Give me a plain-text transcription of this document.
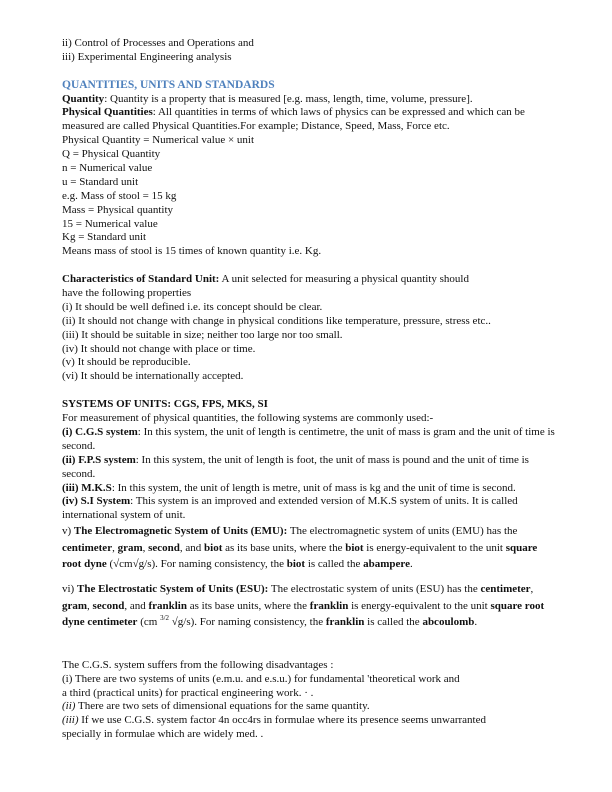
ii) Control of Processes and Operations and
iii) Experimental Engineering analysis
QUANTITIES, UNITS AND STANDARDS
Quantity: Quantity is a property that is measured [e.g. mass, length, time, volume, pressure].
Physical Quantities: All quantities in terms of which laws of physics can be expressed and which can be
measured are called Physical Quantities.For example; Distance, Speed, Mass, Force etc.
Physical Quantity = Numerical value × unit
Q = Physical Quantity
n = Numerical value
u = Standard unit
e.g. Mass of stool = 15 kg
Mass = Physical quantity
15 = Numerical value
Kg = Standard unit
Means mass of stool is 15 times of known quantity i.e. Kg.
Characteristics of Standard Unit: A unit selected for measuring a physical quantity should
have the following properties
(i) It should be well defined i.e. its concept should be clear.
(ii) It should not change with change in physical conditions like temperature, pressure, stress etc..
(iii) It should be suitable in size; neither too large nor too small.
(iv) It should not change with place or time.
(v) It should be reproducible.
(vi) It should be internationally accepted.
SYSTEMS OF UNITS: CGS, FPS, MKS, SI
For measurement of physical quantities, the following systems are commonly used:-
(i) C.G.S system: In this system, the unit of length is centimetre, the unit of mass is gram and the unit of time is
second.
(ii) F.P.S system: In this system, the unit of length is foot, the unit of mass is pound and the unit of time is
second.
(iii) M.K.S: In this system, the unit of length is metre, unit of mass is kg and the unit of time is second.
(iv) S.I System: This system is an improved and extended version of M.K.S system of units. It is called
international system of unit.
v) The Electromagnetic System of Units (EMU): The electromagnetic system of units (EMU) has the
centimeter, gram, second, and biot as its base units, where the biot is energy-equivalent to the unit square
root dyne (√cm√g/s). For naming consistency, the biot is called the abampere.
vi) The Electrostatic System of Units (ESU): The electrostatic system of units (ESU) has the centimeter,
gram, second, and franklin as its base units, where the franklin is energy-equivalent to the unit square root
dyne centimeter (cm $^{3/2}$ √g/s). For naming consistency, the franklin is called the abcoulomb.
The C.G.S. system suffers from the following disadvantages :
(i) There are two systems of units (e.m.u. and e.s.u.) for fundamental 'theoretical work and
a third (practical units) for practical engineering work. · .
(ii) There are two sets of dimensional equations for the same quantity.
(iii) If we use C.G.S. system factor 4n occ4rs in formulae where its presence seems unwarranted
specially in formulae which are widely med. .
